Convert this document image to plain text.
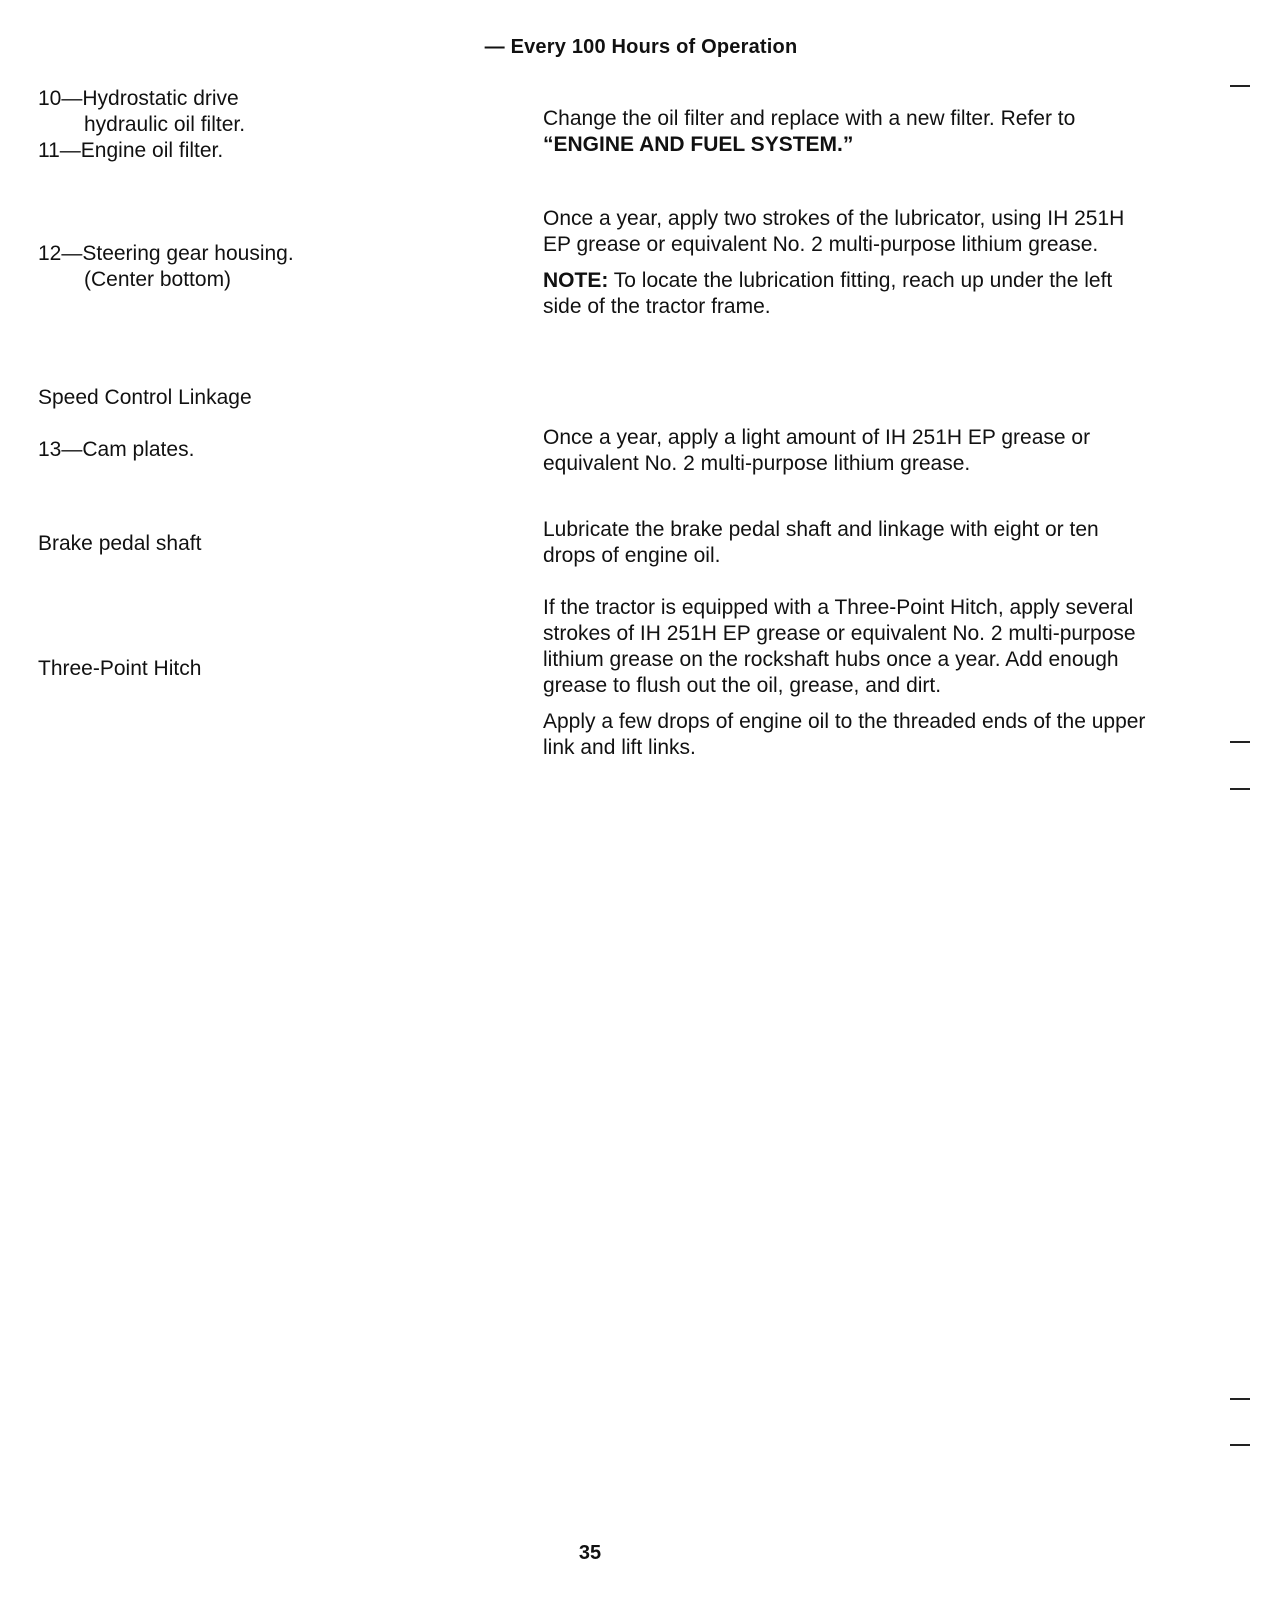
— Every 100 Hours of Operation
10—Hydrostatic drive
hydraulic oil filter.
11—Engine oil filter.

Change the oil filter and replace with a new filter. Refer to

“ENGINE AND FUEL SYSTEM.”

12—Steering gear housing.
(Center bottom)

Once a year, apply two strokes of the lubricator, using IH 251H EP grease or equivalent No. 2 multi-purpose lithium grease.

NOTE: To locate the lubrication fitting, reach up under the left side of the tractor frame.

Speed Control Linkage
13—Cam plates.

Once a year, apply a light amount of IH 251H EP grease or equivalent No. 2 multi-purpose lithium grease.

Brake pedal shaft

Lubricate the brake pedal shaft and linkage with eight or ten drops of engine oil.

Three-Point Hitch

If the tractor is equipped with a Three-Point Hitch, apply several strokes of IH 251H EP grease or equivalent No. 2 multi-purpose lithium grease on the rockshaft hubs once a year. Add enough grease to flush out the oil, grease, and dirt.

Apply a few drops of engine oil to the threaded ends of the upper link and lift links.

35
